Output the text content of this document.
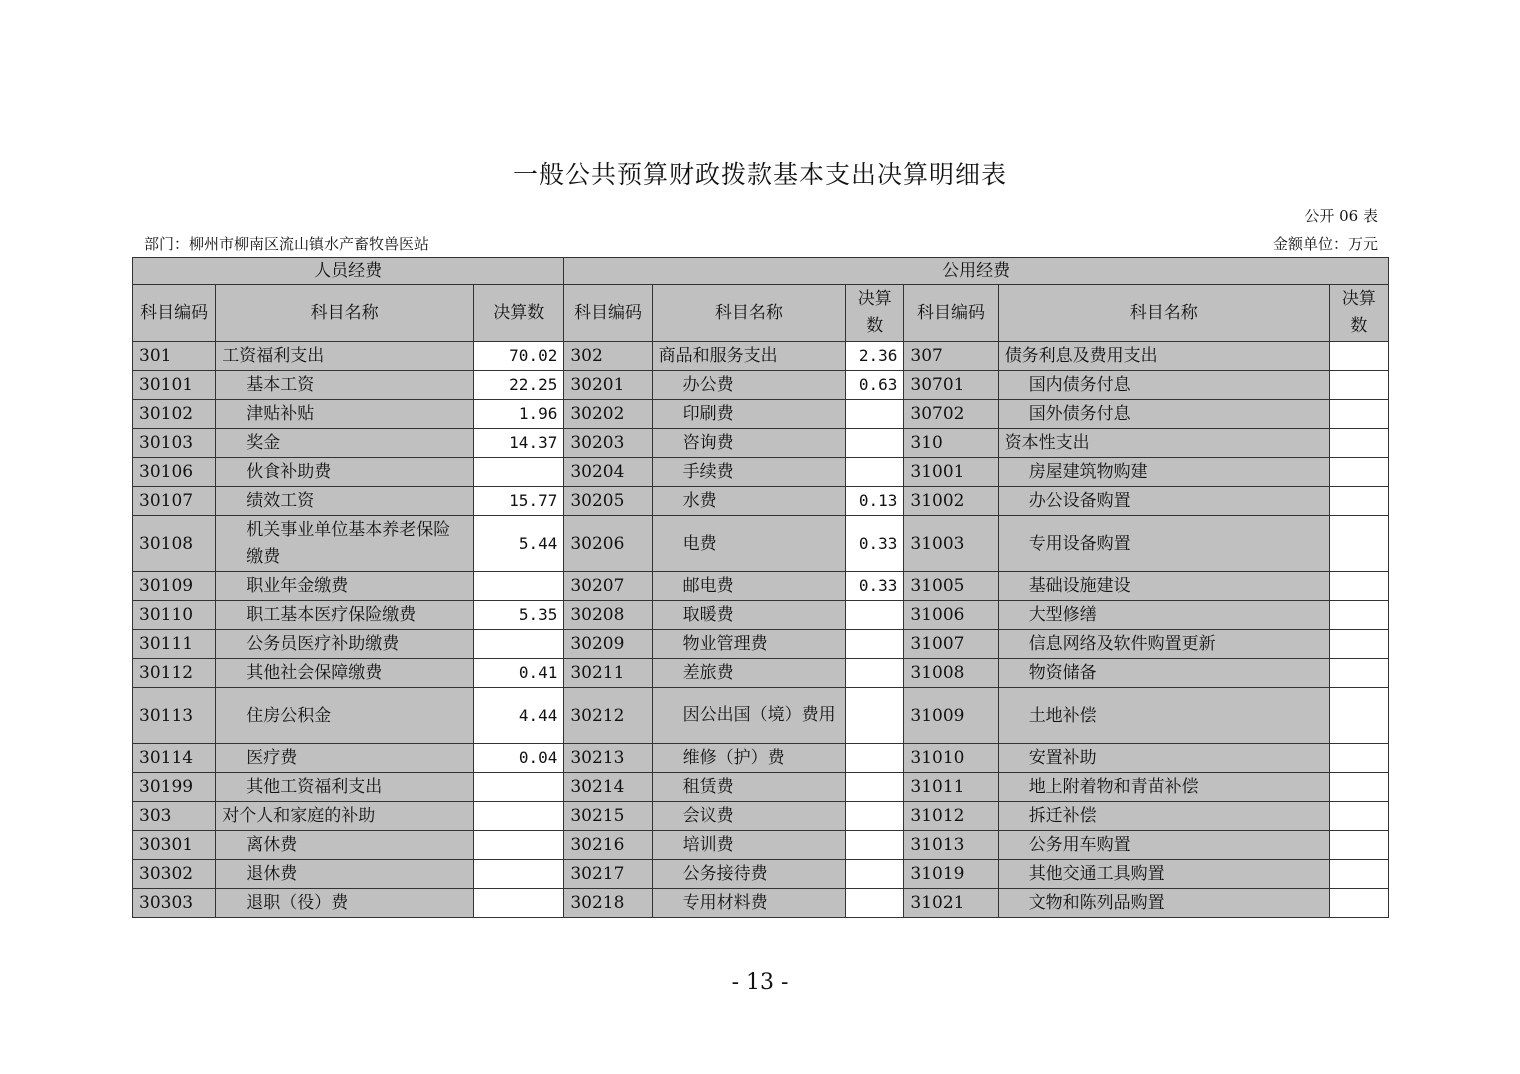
一般公共预算财政拨款基本支出决算明细表
公开 06 表
部门：柳州市柳南区流山镇水产畜牧兽医站	金额单位：万元
人员经费			公用经费					
科目编码	科目名称	决算数	科目编码	科目名称	决算数	科目编码	科目名称	决算数
301	工资福利支出	70.02	302	商品和服务支出	2.36	307	债务利息及费用支出	
30101	基本工资	22.25	30201	办公费	0.63	30701	国内债务付息	
30102	津贴补贴	1.96	30202	印刷费		30702	国外债务付息	
30103	奖金	14.37	30203	咨询费		310	资本性支出	
30106	伙食补助费		30204	手续费		31001	房屋建筑物购建	
30107	绩效工资	15.77	30205	水费	0.13	31002	办公设备购置	
30108	机关事业单位基本养老保险缴费	5.44	30206	电费	0.33	31003	专用设备购置	
30109	职业年金缴费		30207	邮电费	0.33	31005	基础设施建设	
30110	职工基本医疗保险缴费	5.35	30208	取暖费		31006	大型修缮	
30111	公务员医疗补助缴费		30209	物业管理费		31007	信息网络及软件购置更新	
30112	其他社会保障缴费	0.41	30211	差旅费		31008	物资储备	
30113	住房公积金	4.44	30212	因公出国（境）费用		31009	土地补偿	
30114	医疗费	0.04	30213	维修（护）费		31010	安置补助	
30199	其他工资福利支出		30214	租赁费		31011	地上附着物和青苗补偿	
303	对个人和家庭的补助		30215	会议费		31012	拆迁补偿	
30301	离休费		30216	培训费		31013	公务用车购置	
30302	退休费		30217	公务接待费		31019	其他交通工具购置	
30303	退职（役）费		30218	专用材料费		31021	文物和陈列品购置	
- 13 -
